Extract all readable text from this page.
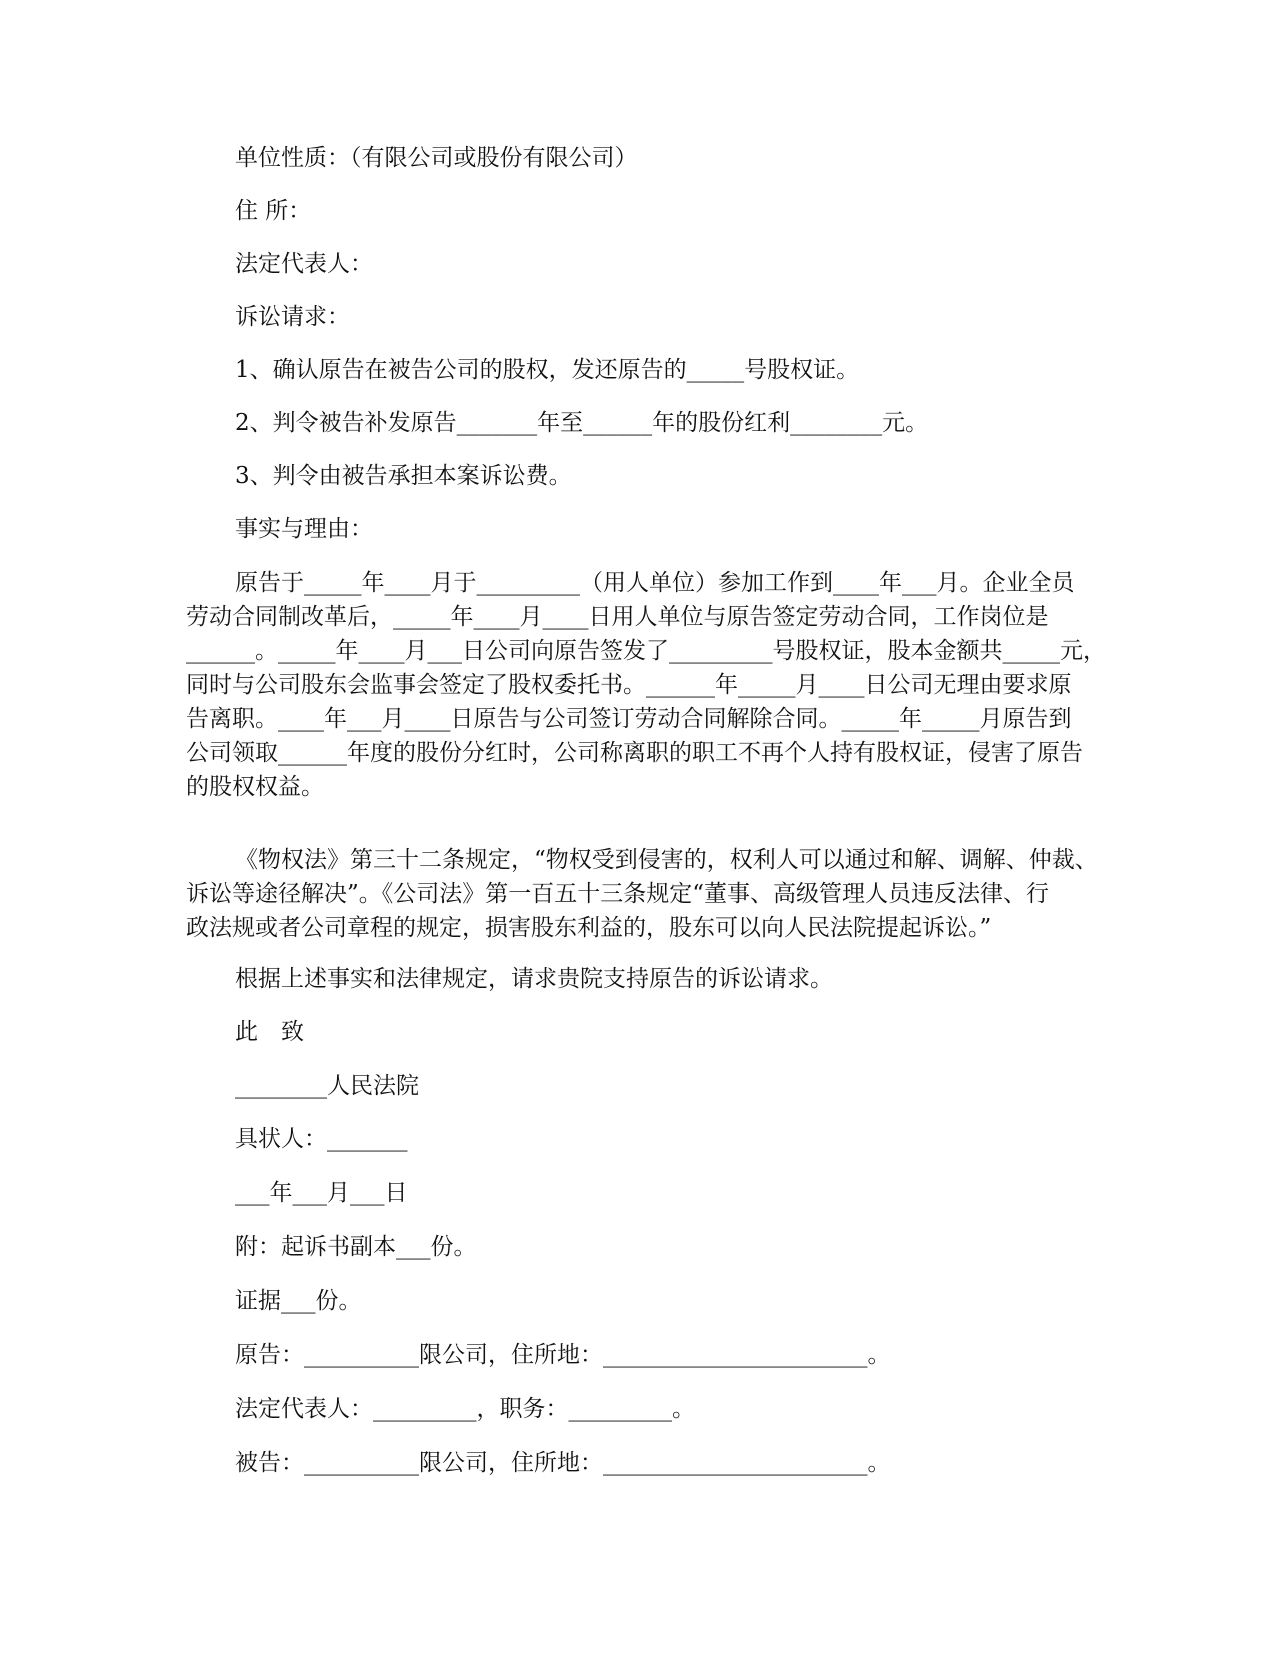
单位性质：（有限公司或股份有限公司）

住 所：

法定代表人：

诉讼请求：

1、确认原告在被告公司的股权，发还原告的_____号股权证。

2、判令被告补发原告_______年至______年的股份红利________元。

3、判令由被告承担本案诉讼费。

事实与理由：

原告于_____年____月于_________（用人单位）参加工作到____年___月。企业全员
劳动合同制改革后，_____年____月____日用人单位与原告签定劳动合同，工作岗位是
______。_____年____月___日公司向原告签发了_________号股权证，股本金额共_____元，
同时与公司股东会监事会签定了股权委托书。______年_____月____日公司无理由要求原
告离职。____年___月____日原告与公司签订劳动合同解除合同。_____年_____月原告到
公司领取______年度的股份分红时，公司称离职的职工不再个人持有股权证，侵害了原告
的股权权益。
《物权法》第三十二条规定，“物权受到侵害的，权利人可以通过和解、调解、仲裁、
诉讼等途径解决”。《公司法》第一百五十三条规定“董事、高级管理人员违反法律、行
政法规或者公司章程的规定，损害股东利益的，股东可以向人民法院提起诉讼。”

根据上述事实和法律规定，请求贵院支持原告的诉讼请求。

此　致

________人民法院

具状人：_______

___年___月___日

附：起诉书副本___份。

证据___份。

原告：__________限公司，住所地：_______________________。

法定代表人：_________，职务：_________。

被告：__________限公司，住所地：_______________________。
